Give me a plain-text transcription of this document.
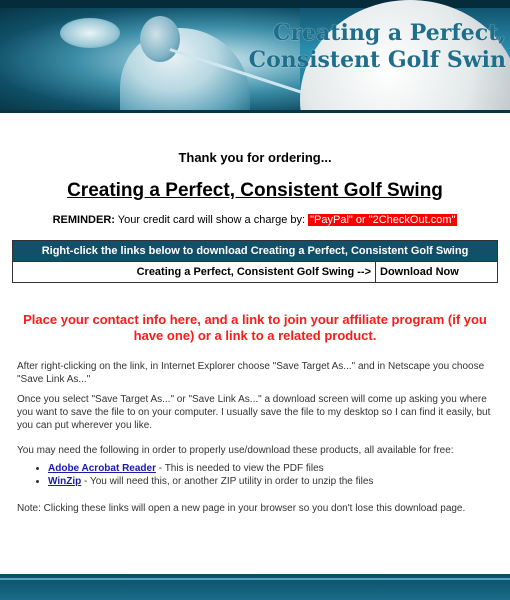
Creating a Perfect,
Consistent Golf Swin

Thank you for ordering...

Creating a Perfect, Consistent Golf Swing

REMINDER: Your credit card will show a charge by: "PayPal" or "2CheckOut.com"

Right-click the links below to download Creating a Perfect, Consistent Golf Swing
Creating a Perfect, Consistent Golf Swing -->	Download Now
Place your contact info here, and a link to join your affiliate program (if you have one) or a link to a related product.

After right-clicking on the link, in Internet Explorer choose "Save Target As..." and in Netscape you choose "Save Link As..."

Once you select "Save Target As..." or "Save Link As..." a download screen will come up asking you where you want to save the file to on your computer. I usually save the file to my desktop so I can find it easily, but you can put wherever you like.

You may need the following in order to properly use/download these products, all available for free:

• Adobe Acrobat Reader - This is needed to view the PDF files
• WinZip - You will need this, or another ZIP utility in order to unzip the files

Note: Clicking these links will open a new page in your browser so you don't lose this download page.
